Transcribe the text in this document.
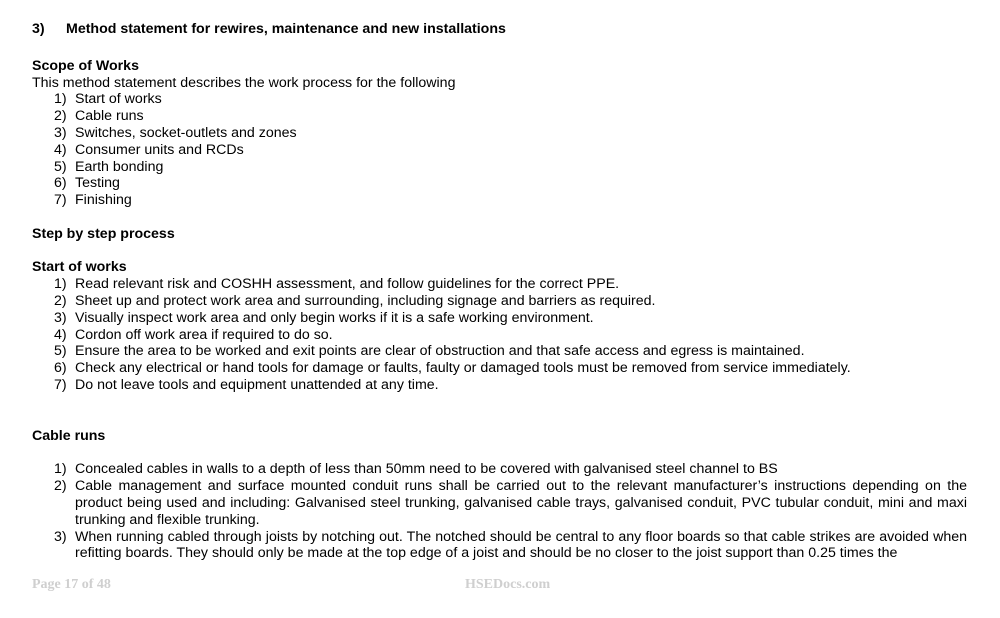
3)	Method statement for rewires, maintenance and new installations
Scope of Works
This method statement describes the work process for the following
1) Start of works
2) Cable runs
3) Switches, socket-outlets and zones
4) Consumer units and RCDs
5) Earth bonding
6) Testing
7) Finishing
Step by step process
Start of works
1) Read relevant risk and COSHH assessment, and follow guidelines for the correct PPE.
2) Sheet up and protect work area and surrounding, including signage and barriers as required.
3) Visually inspect work area and only begin works if it is a safe working environment.
4) Cordon off work area if required to do so.
5) Ensure the area to be worked and exit points are clear of obstruction and that safe access and egress is maintained.
6) Check any electrical or hand tools for damage or faults, faulty or damaged tools must be removed from service immediately.
7) Do not leave tools and equipment unattended at any time.
Cable runs
1) Concealed cables in walls to a depth of less than 50mm need to be covered with galvanised steel channel to BS
2) Cable management and surface mounted conduit runs shall be carried out to the relevant manufacturer’s instructions depending on the product being used and including: Galvanised steel trunking, galvanised cable trays, galvanised conduit, PVC tubular conduit, mini and maxi trunking and flexible trunking.
3) When running cabled through joists by notching out. The notched should be central to any floor boards so that cable strikes are avoided when refitting boards. They should only be made at the top edge of a joist and should be no closer to the joist support than 0.25 times the
Page 17 of 48	HSEDocs.com
